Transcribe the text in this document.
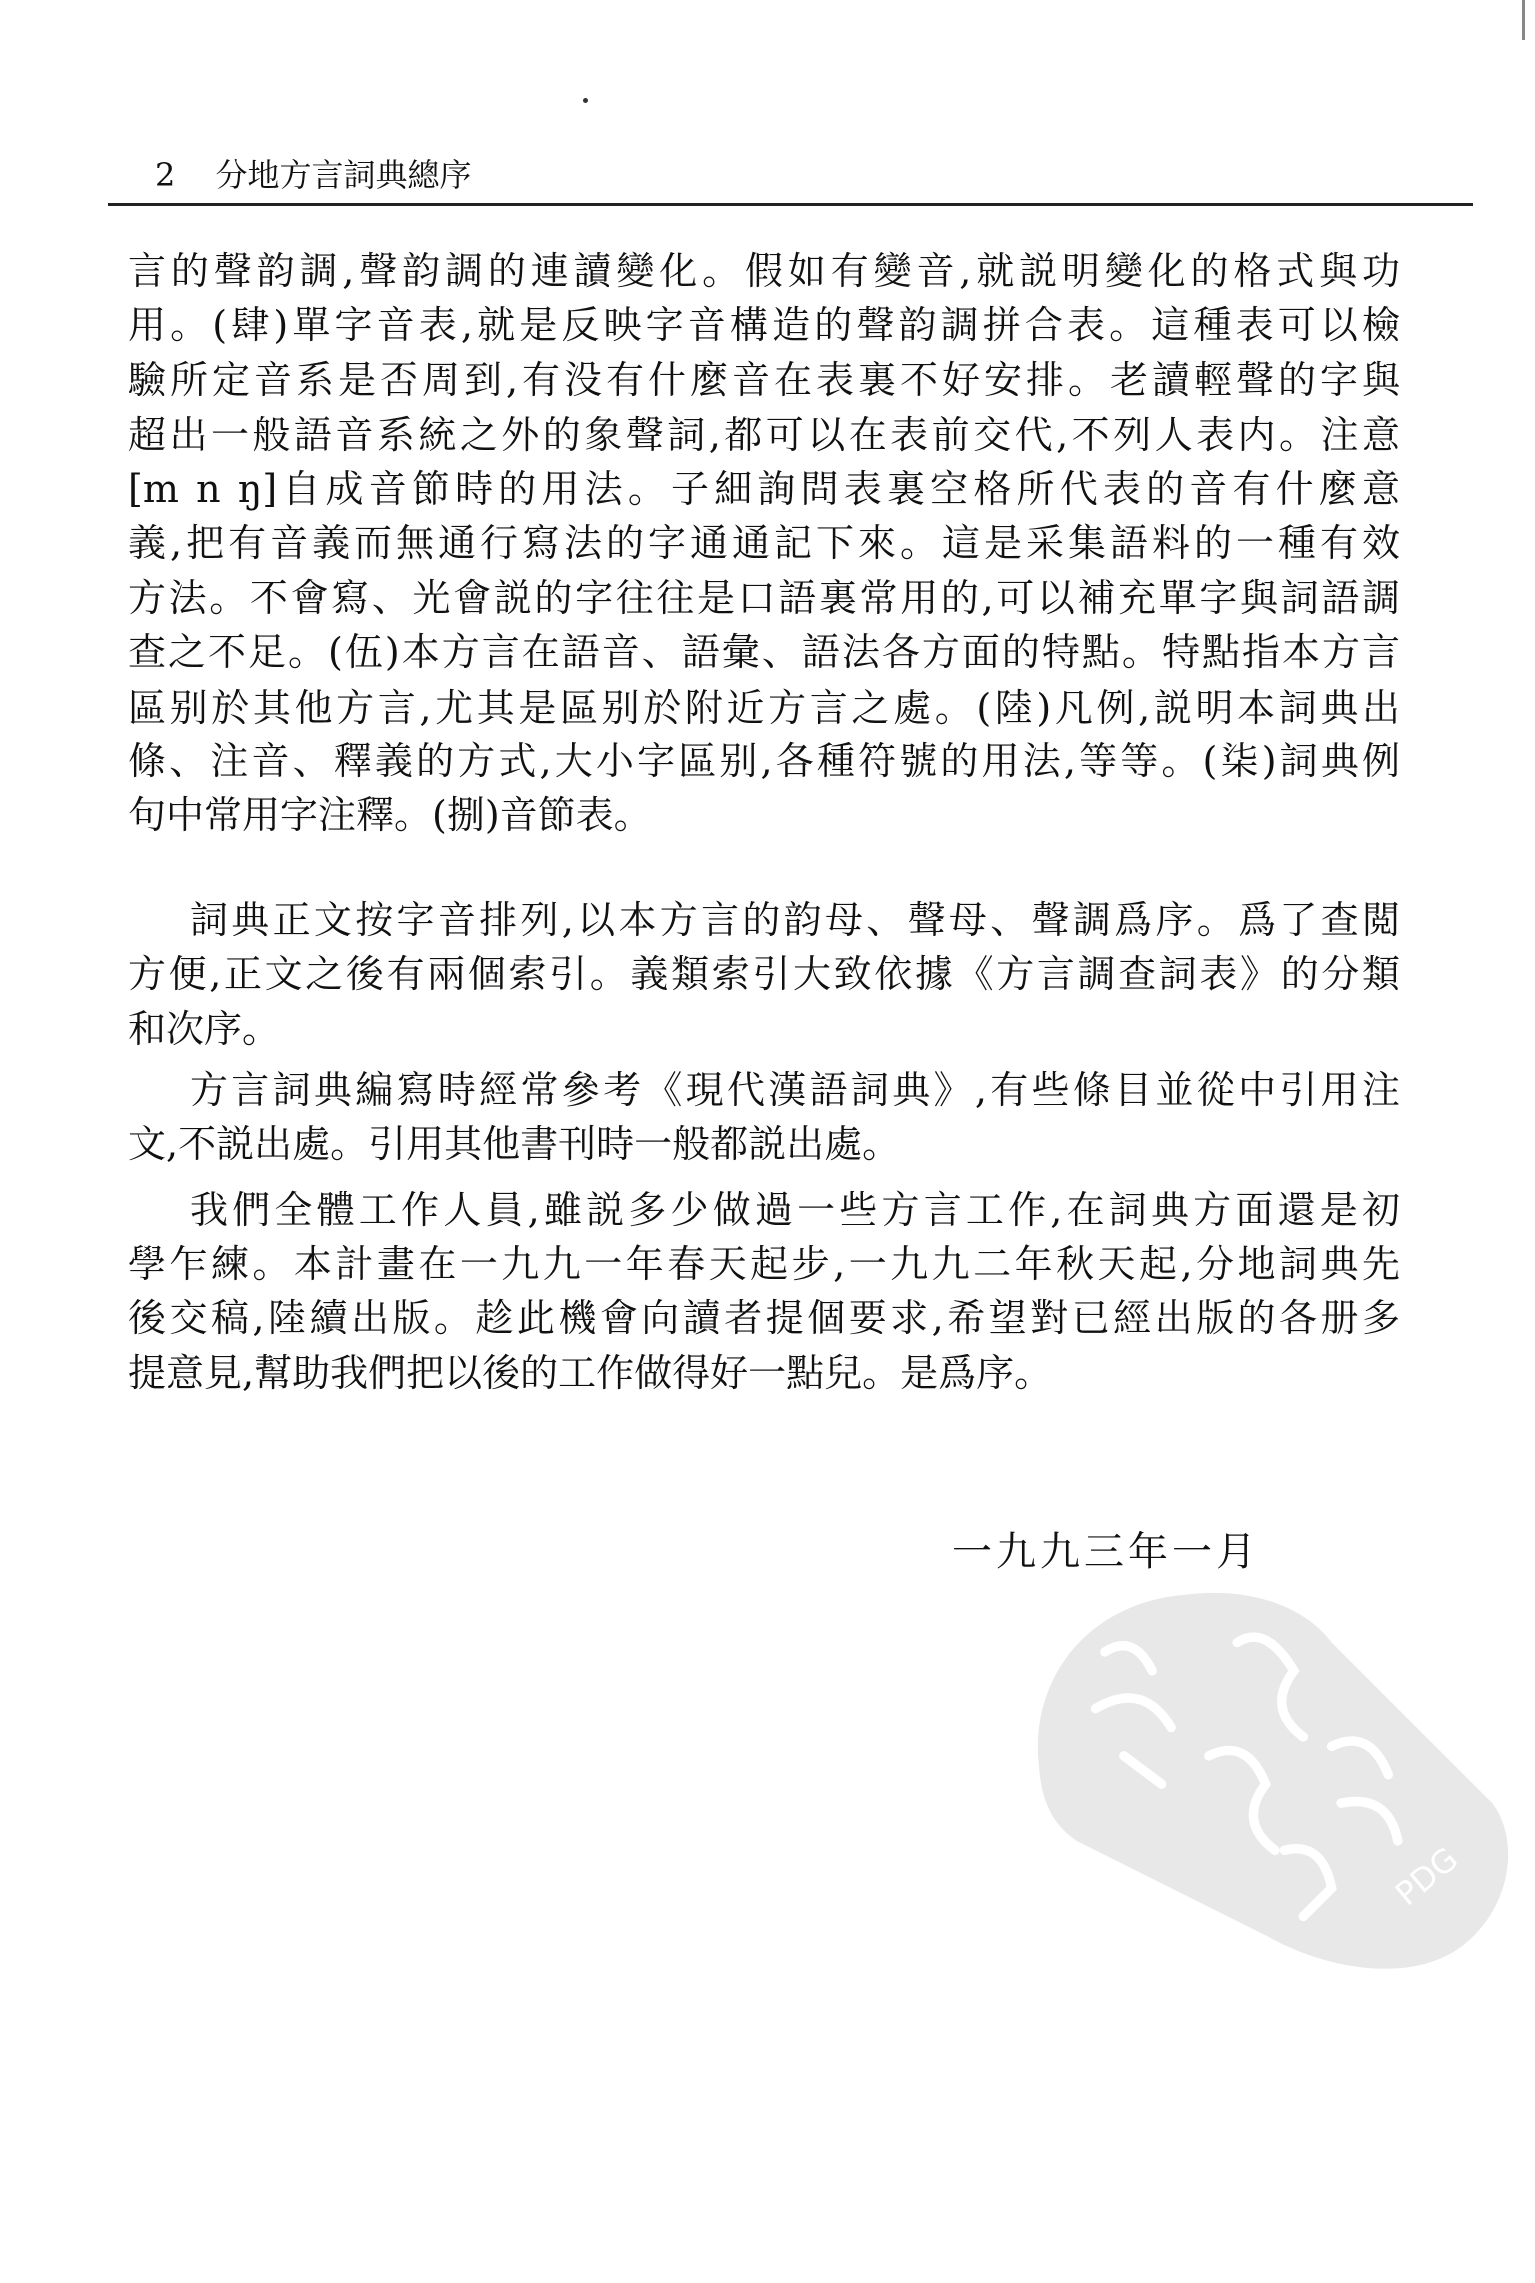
2 分地方言詞典總序
言的聲韵調,聲韵調的連讀變化。假如有變音,就説明變化的格式與功
用。(肆)單字音表,就是反映字音構造的聲韵調拼合表。這種表可以檢
驗所定音系是否周到,有没有什麼音在表裏不好安排。老讀輕聲的字與
超出一般語音系統之外的象聲詞,都可以在表前交代,不列人表内。注意
[m n ŋ]自成音節時的用法。子細詢問表裏空格所代表的音有什麼意
義,把有音義而無通行寫法的字通通記下來。這是采集語料的一種有效
方法。不會寫、光會説的字往往是口語裏常用的,可以補充單字與詞語調
查之不足。(伍)本方言在語音、語彙、語法各方面的特點。特點指本方言
區别於其他方言,尤其是區别於附近方言之處。(陸)凡例,説明本詞典出
條、注音、釋義的方式,大小字區别,各種符號的用法,等等。(柒)詞典例
句中常用字注釋。(捌)音節表。
詞典正文按字音排列,以本方言的韵母、聲母、聲調爲序。爲了查閲
方便,正文之後有兩個索引。義類索引大致依據《方言調查詞表》的分類
和次序。
方言詞典編寫時經常參考《現代漢語詞典》,有些條目並從中引用注
文,不説出處。引用其他書刊時一般都説出處。
我們全體工作人員,雖説多少做過一些方言工作,在詞典方面還是初
學乍練。本計畫在一九九一年春天起步,一九九二年秋天起,分地詞典先
後交稿,陸續出版。趁此機會向讀者提個要求,希望對已經出版的各册多
提意見,幫助我們把以後的工作做得好一點兒。是爲序。
一九九三年一月
PDG
